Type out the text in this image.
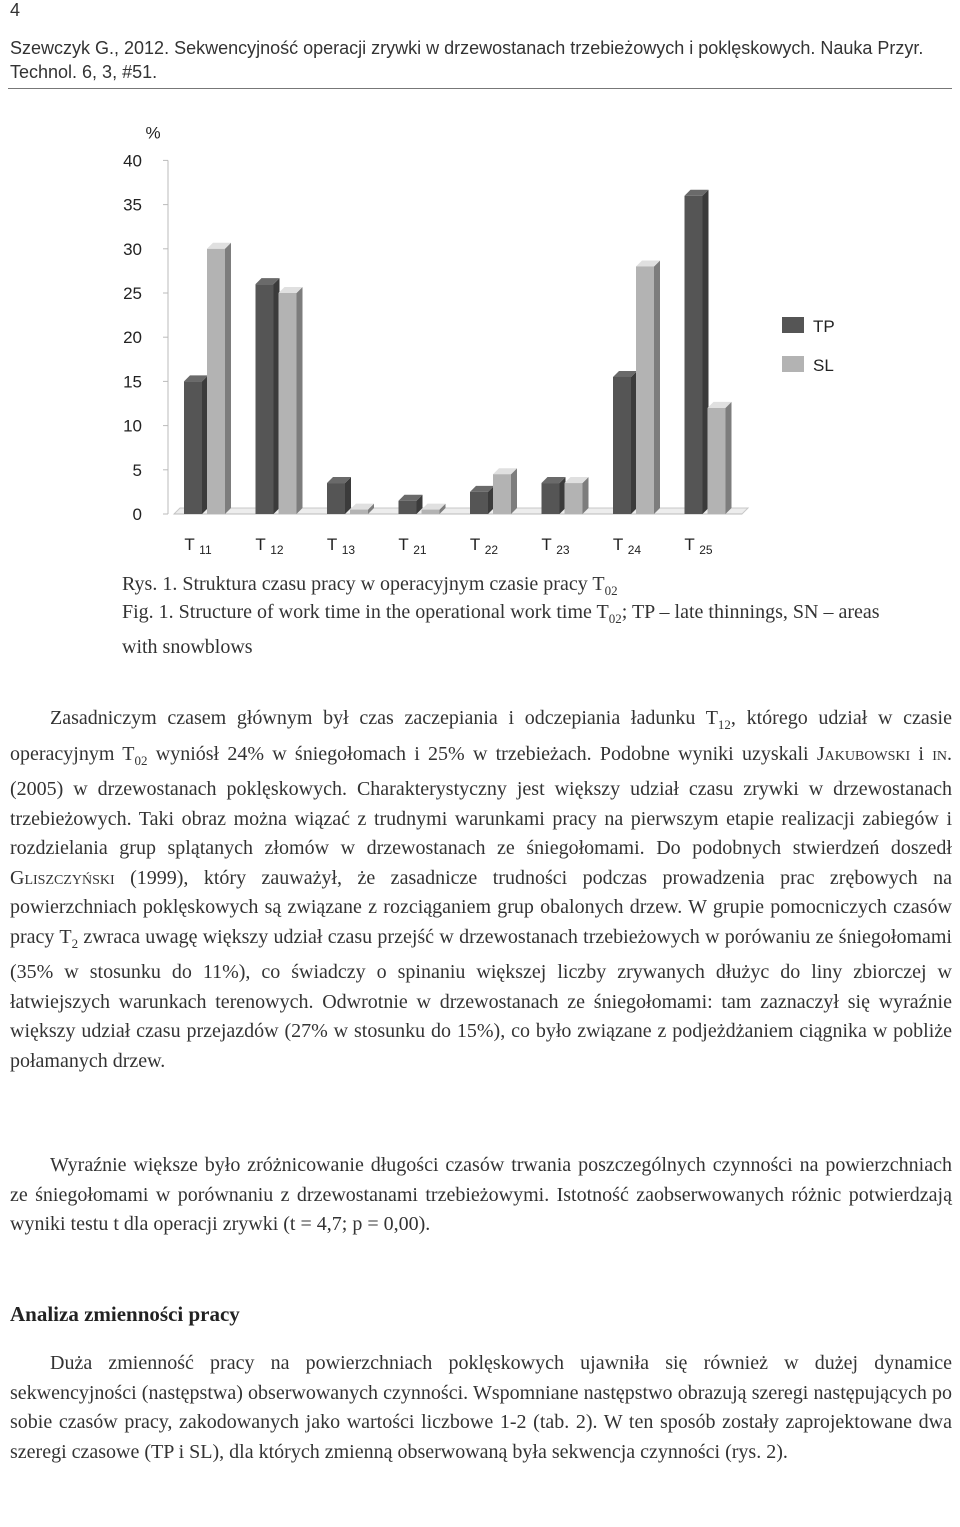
4
Szewczyk G., 2012. Sekwencyjność operacji zrywki w drzewostanach trzebieżowych i poklęskowych. Nauka Przyr. Technol. 6, 3, #51.
0
5
10
15
20
25
30
35
40
%
T $_{11}$	T $_{12}$	T $_{13}$	T $_{21}$	T $_{22}$	T $_{23}$	T $_{24}$	T $_{25}$
TP
SL
Rys. 1. Struktura czasu pracy w operacyjnym czasie pracy $T_{02}$
Fig. 1. Structure of work time in the operational work time $T_{02}$; TP – late thinnings, SN – areas with snowblows

Zasadniczym czasem głównym był czas zaczepiania i odczepiania ładunku $T_{12}$, którego udział w czasie operacyjnym $T_{02}$ wyniósł 24% w śniegołomach i 25% w trzebieżach. Podobne wyniki uzyskali Jakubowski i in. (2005) w drzewostanach poklęskowych. Charakterystyczny jest większy udział czasu zrywki w drzewostanach trzebieżowych. Taki obraz można wiązać z trudnymi warunkami pracy na pierwszym etapie realizacji zabiegów i rozdzielania grup splątanych złomów w drzewostanach ze śniegołomami. Do podobnych stwierdzeń doszedł Gliszczyński (1999), który zauważył, że zasadnicze trudności podczas prowadzenia prac zrębowych na powierzchniach poklęskowych są związane z rozciąganiem grup obalonych drzew. W grupie pomocniczych czasów pracy $T_2$ zwraca uwagę większy udział czasu przejść w drzewostanach trzebieżowych w porówaniu ze śniegołomami (35% w stosunku do 11%), co świadczy o spinaniu większej liczby zrywanych dłużyc do liny zbiorczej w łatwiejszych warunkach terenowych. Odwrotnie w drzewostanach ze śniegołomami: tam zaznaczył się wyraźnie większy udział czasu przejazdów (27% w stosunku do 15%), co było związane z podjeżdżaniem ciągnika w pobliże połamanych drzew.

Wyraźnie większe było zróżnicowanie długości czasów trwania poszczególnych czynności na powierzchniach ze śniegołomami w porównaniu z drzewostanami trzebieżowymi. Istotność zaobserwowanych różnic potwierdzają wyniki testu t dla operacji zrywki (t = 4,7; p = 0,00).

Analiza zmienności pracy

Duża zmienność pracy na powierzchniach poklęskowych ujawniła się również w dużej dynamice sekwencyjności (następstwa) obserwowanych czynności. Wspomniane następstwo obrazują szeregi następujących po sobie czasów pracy, zakodowanych jako wartości liczbowe 1-2 (tab. 2). W ten sposób zostały zaprojektowane dwa szeregi czasowe (TP i SL), dla których zmienną obserwowaną była sekwencja czynności (rys. 2).
